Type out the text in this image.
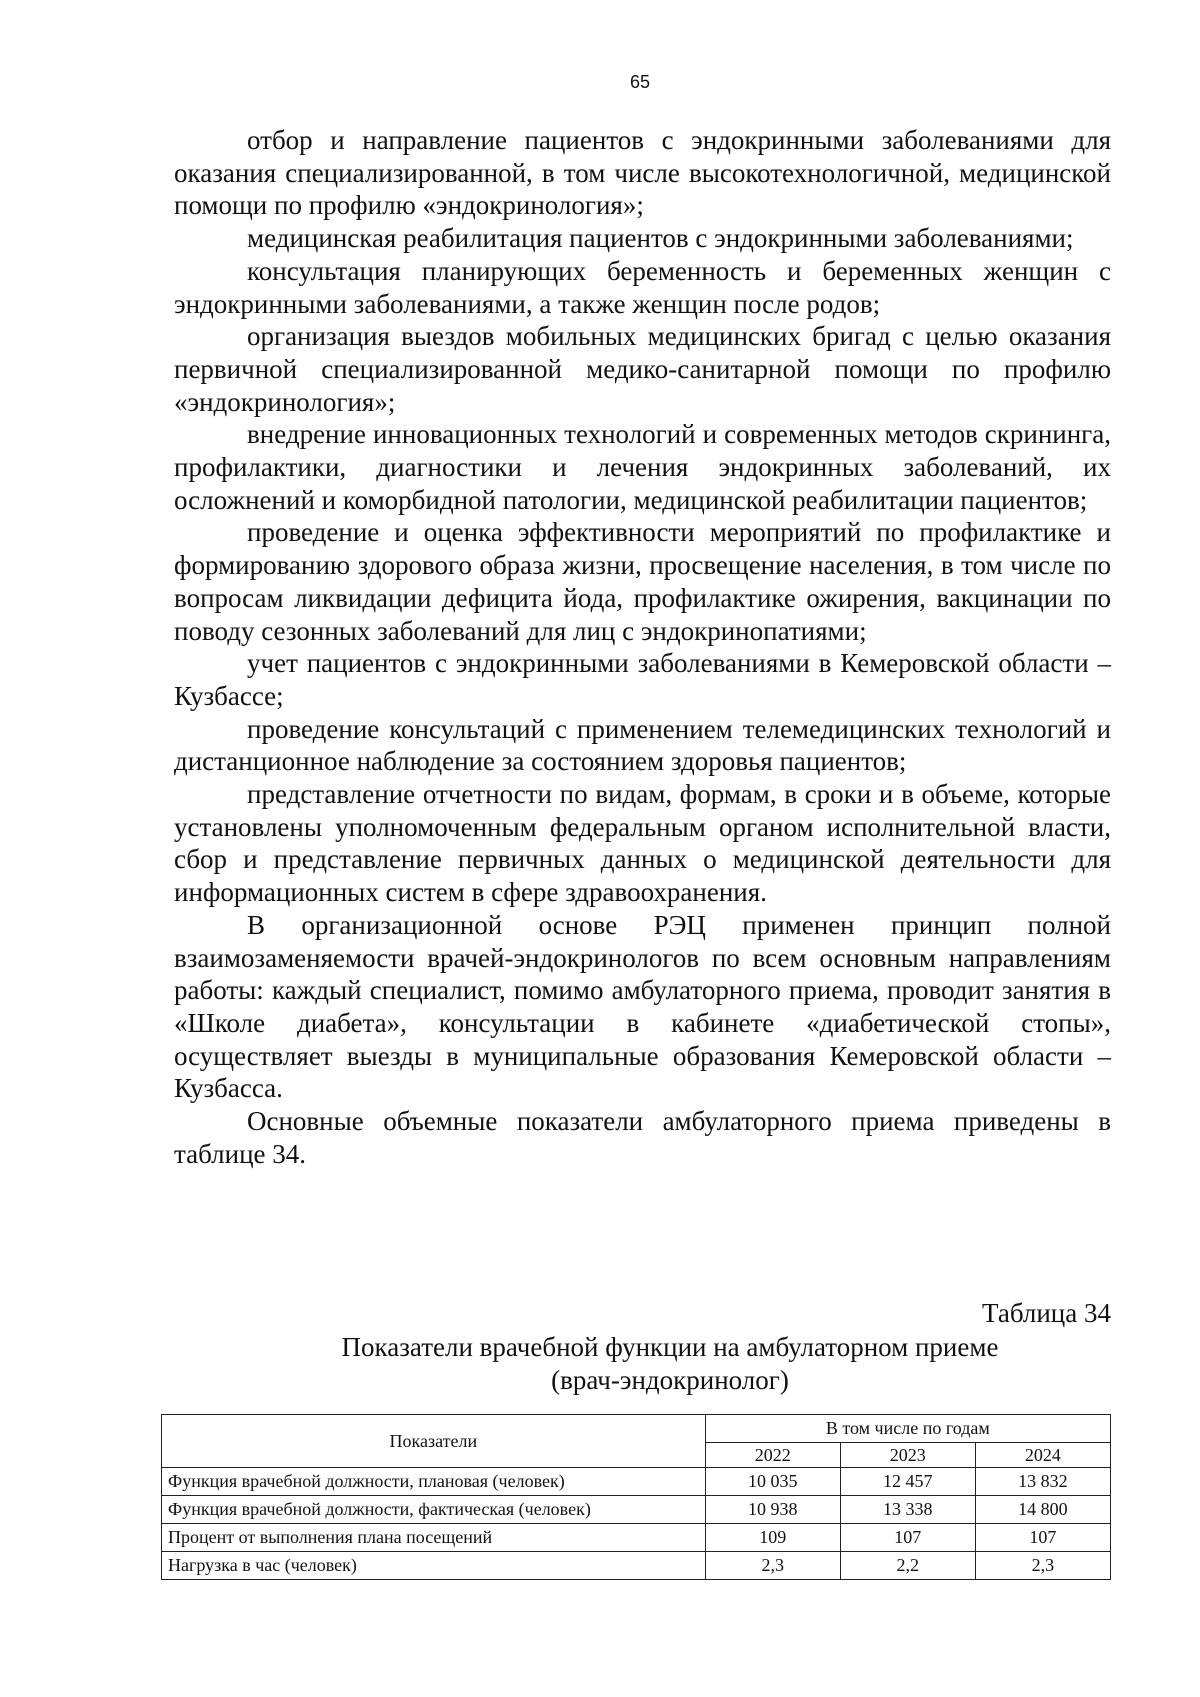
65

отбор и направление пациентов с эндокринными заболеваниями для оказания специализированной, в том числе высокотехнологичной, медицинской помощи по профилю «эндокринология»;

медицинская реабилитация пациентов с эндокринными заболеваниями;

консультация планирующих беременность и беременных женщин с эндокринными заболеваниями, а также женщин после родов;

организация выездов мобильных медицинских бригад с целью оказания первичной специализированной медико-санитарной помощи по профилю «эндокринология»;

внедрение инновационных технологий и современных методов скрининга, профилактики, диагностики и лечения эндокринных заболеваний, их осложнений и коморбидной патологии, медицинской реабилитации пациентов;

проведение и оценка эффективности мероприятий по профилактике и формированию здорового образа жизни, просвещение населения, в том числе по вопросам ликвидации дефицита йода, профилактике ожирения, вакцинации по поводу сезонных заболеваний для лиц с эндокринопатиями;

учет пациентов с эндокринными заболеваниями в Кемеровской области – Кузбассе;

проведение консультаций с применением телемедицинских технологий и дистанционное наблюдение за состоянием здоровья пациентов;

представление отчетности по видам, формам, в сроки и в объеме, которые установлены уполномоченным федеральным органом исполнительной власти, сбор и представление первичных данных о медицинской деятельности для информационных систем в сфере здравоохранения.

В организационной основе РЭЦ применен принцип полной взаимозаменяемости врачей-эндокринологов по всем основным направлениям работы: каждый специалист, помимо амбулаторного приема, проводит занятия в «Школе диабета», консультации в кабинете «диабетической стопы», осуществляет выезды в муниципальные образования Кемеровской области – Кузбасса.

Основные объемные показатели амбулаторного приема приведены в таблице 34.

Таблица 34
Показатели врачебной функции на амбулаторном приеме
(врач-эндокринолог)
Показатели	В том числе по годам		
	2022	2023	2024
Функция врачебной должности, плановая (человек)	10 035	12 457	13 832
Функция врачебной должности, фактическая (человек)	10 938	13 338	14 800
Процент от выполнения плана посещений	109	107	107
Нагрузка в час (человек)	2,3	2,2	2,3
